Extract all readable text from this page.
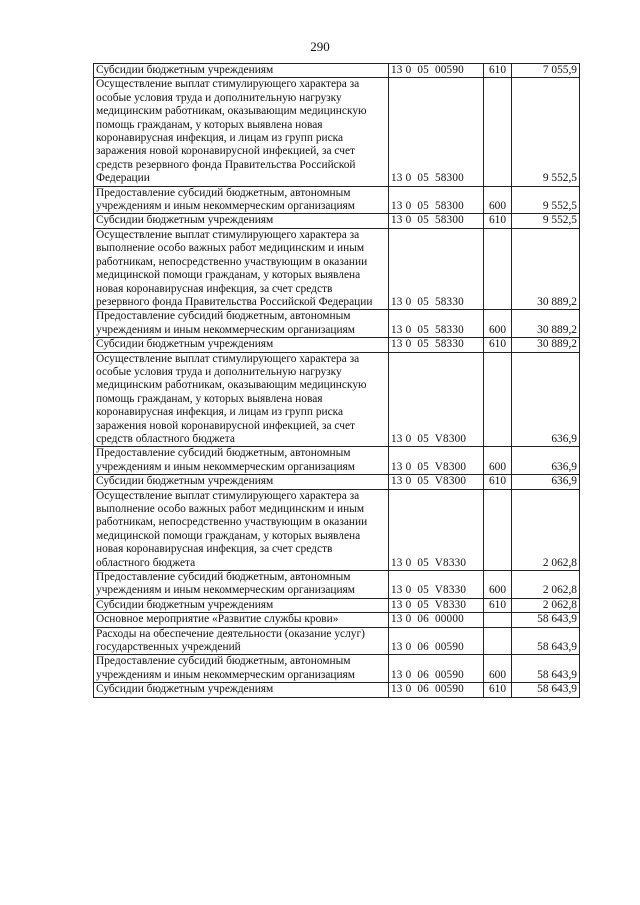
290
Субсидии бюджетным учреждениям	13 0  05  00590	610	7 055,9
Осуществление выплат стимулирующего характера за особые условия труда и дополнительную нагрузку медицинским работникам, оказывающим медицинскую помощь гражданам, у которых выявлена новая коронавирусная инфекция, и лицам из групп риска заражения новой коронавирусной инфекцией, за счет средств резервного фонда Правительства Российской Федерации	13 0  05  58300		9 552,5
Предоставление субсидий бюджетным, автономным учреждениям и иным некоммерческим организациям	13 0  05  58300	600	9 552,5
Субсидии бюджетным учреждениям	13 0  05  58300	610	9 552,5
Осуществление выплат стимулирующего характера за выполнение особо важных работ медицинским и иным работникам, непосредственно участвующим в оказании медицинской помощи гражданам, у которых выявлена новая коронавирусная инфекция, за счет средств резервного фонда Правительства Российской Федерации	13 0  05  58330		30 889,2
Предоставление субсидий бюджетным, автономным учреждениям и иным некоммерческим организациям	13 0  05  58330	600	30 889,2
Субсидии бюджетным учреждениям	13 0  05  58330	610	30 889,2
Осуществление выплат стимулирующего характера за особые условия труда и дополнительную нагрузку медицинским работникам, оказывающим медицинскую помощь гражданам, у которых выявлена новая коронавирусная инфекция, и лицам из групп риска заражения новой коронавирусной инфекцией, за счет средств областного бюджета	13 0  05  V8300		636,9
Предоставление субсидий бюджетным, автономным учреждениям и иным некоммерческим организациям	13 0  05  V8300	600	636,9
Субсидии бюджетным учреждениям	13 0  05  V8300	610	636,9
Осуществление выплат стимулирующего характера за выполнение особо важных работ медицинским и иным работникам, непосредственно участвующим в оказании медицинской помощи гражданам, у которых выявлена новая коронавирусная инфекция, за счет средств областного бюджета	13 0  05  V8330		2 062,8
Предоставление субсидий бюджетным, автономным учреждениям и иным некоммерческим организациям	13 0  05  V8330	600	2 062,8
Субсидии бюджетным учреждениям	13 0  05  V8330	610	2 062,8
Основное мероприятие «Развитие службы крови»	13 0  06  00000		58 643,9
Расходы на обеспечение деятельности (оказание услуг) государственных учреждений	13 0  06  00590		58 643,9
Предоставление субсидий бюджетным, автономным учреждениям и иным некоммерческим организациям	13 0  06  00590	600	58 643,9
Субсидии бюджетным учреждениям	13 0  06  00590	610	58 643,9
